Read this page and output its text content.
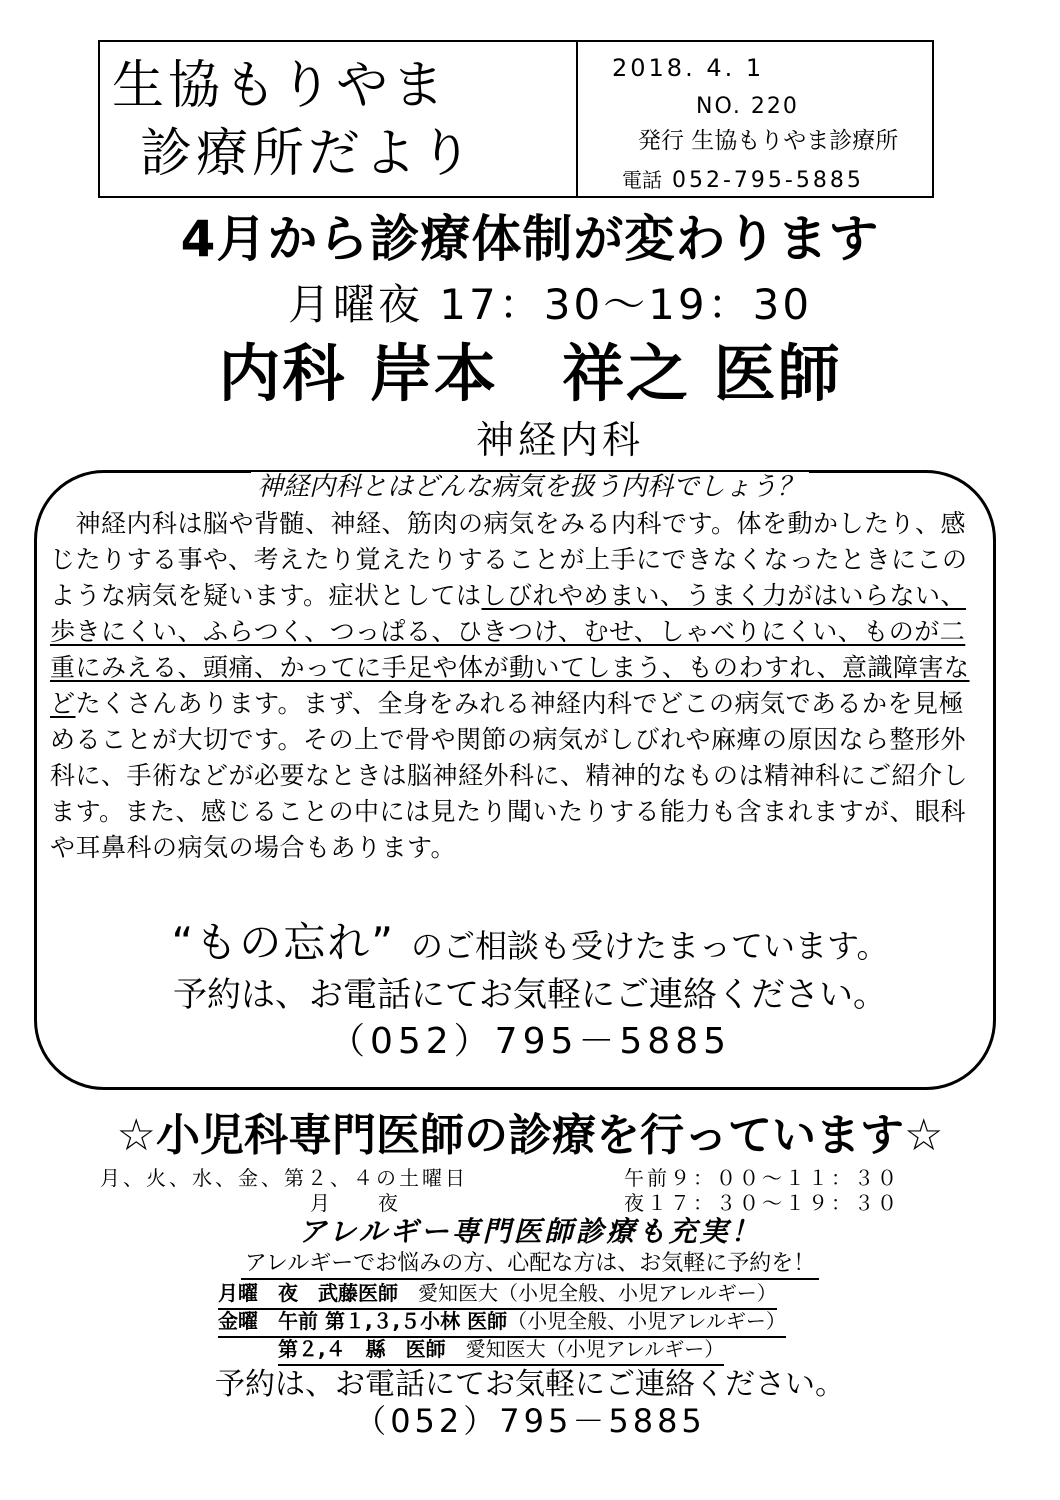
生協もりやま
診療所だより
2018. 4. 1
NO. 220
発行 生協もりやま診療所
電話 052-795-5885
4月から診療体制が変わります
月曜夜 17：30～19：30
内科 岸本　祥之 医師
神経内科
神経内科とはどんな病気を扱う内科でしょう？

　神経内科は脳や背髄、神経、筋肉の病気をみる内科です。体を動かしたり、感じたりする事や、考えたり覚えたりすることが上手にできなくなったときにこのような病気を疑います。症状としてはしびれやめまい、うまく力がはいらない、歩きにくい、ふらつく、つっぱる、ひきつけ、むせ、しゃべりにくい、ものが二重にみえる、頭痛、かってに手足や体が動いてしまう、ものわすれ、意識障害などたくさんあります。まず、全身をみれる神経内科でどこの病気であるかを見極めることが大切です。その上で骨や関節の病気がしびれや麻痺の原因なら整形外科に、手術などが必要なときは脳神経外科に、精神的なものは精神科にご紹介します。また、感じることの中には見たり聞いたりする能力も含まれますが、眼科や耳鼻科の病気の場合もあります。

“もの忘れ” のご相談も受けたまっています。
予約は、お電話にてお気軽にご連絡ください。
（052）795－5885
☆小児科専門医師の診療を行っています☆
月、火、水、金、第２、４の土曜日	午前９：００～１１：３０
月　夜	夜１７：３０～１９：３０
アレルギー専門医師診療も充実！
アレルギーでお悩みの方、心配な方は、お気軽に予約を！
月曜　夜　 武藤医師　 愛知医大（小児全般、小児アレルギー）
金曜　午前 第１,３,５小林 医師（小児全般、小児アレルギー）
第２,４　 縣　医師　 愛知医大（小児アレルギー）
予約は、お電話にてお気軽にご連絡ください。
（052）795－5885
